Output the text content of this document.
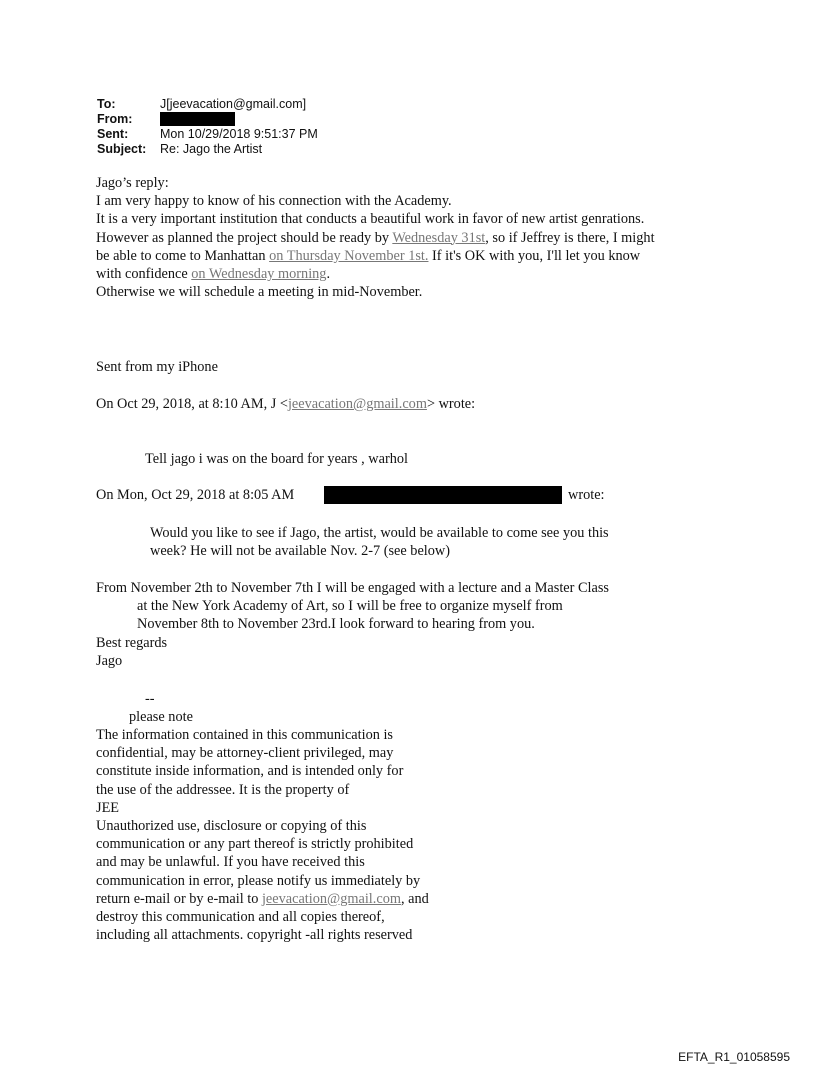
To:	J[jeevacation@gmail.com]
From:
Sent:	Mon 10/29/2018 9:51:37 PM
Subject: Re: Jago the Artist
Jago’s reply:
I am very happy to know of his connection with the Academy.
It is a very important institution that conducts a beautiful work in favor of new artist genrations.
However as planned the project should be ready by Wednesday 31st, so if Jeffrey is there, I might
be able to come to Manhattan on Thursday November 1st. If it's OK with you, I'll let you know
with confidence on Wednesday morning.
Otherwise we will schedule a meeting in mid-November.
Sent from my iPhone
On Oct 29, 2018, at 8:10 AM, J <jeevacation@gmail.com> wrote:
Tell jago i was on the board for years , warhol
On Mon, Oct 29, 2018 at 8:05 AM	wrote:
Would you like to see if Jago, the artist, would be available to come see you this
week? He will not be available Nov. 2-7 (see below)
From November 2th to November 7th I will be engaged with a lecture and a Master Class
at the New York Academy of Art, so I will be free to organize myself from
November 8th to November 23rd.I look forward to hearing from you.
Best regards
Jago
--
please note
The information contained in this communication is
confidential, may be attorney-client privileged, may
constitute inside information, and is intended only for
the use of the addressee. It is the property of
JEE
Unauthorized use, disclosure or copying of this
communication or any part thereof is strictly prohibited
and may be unlawful. If you have received this
communication in error, please notify us immediately by
return e-mail or by e-mail to jeevacation@gmail.com, and
destroy this communication and all copies thereof,
including all attachments. copyright -all rights reserved
EFTA_R1_01058595
